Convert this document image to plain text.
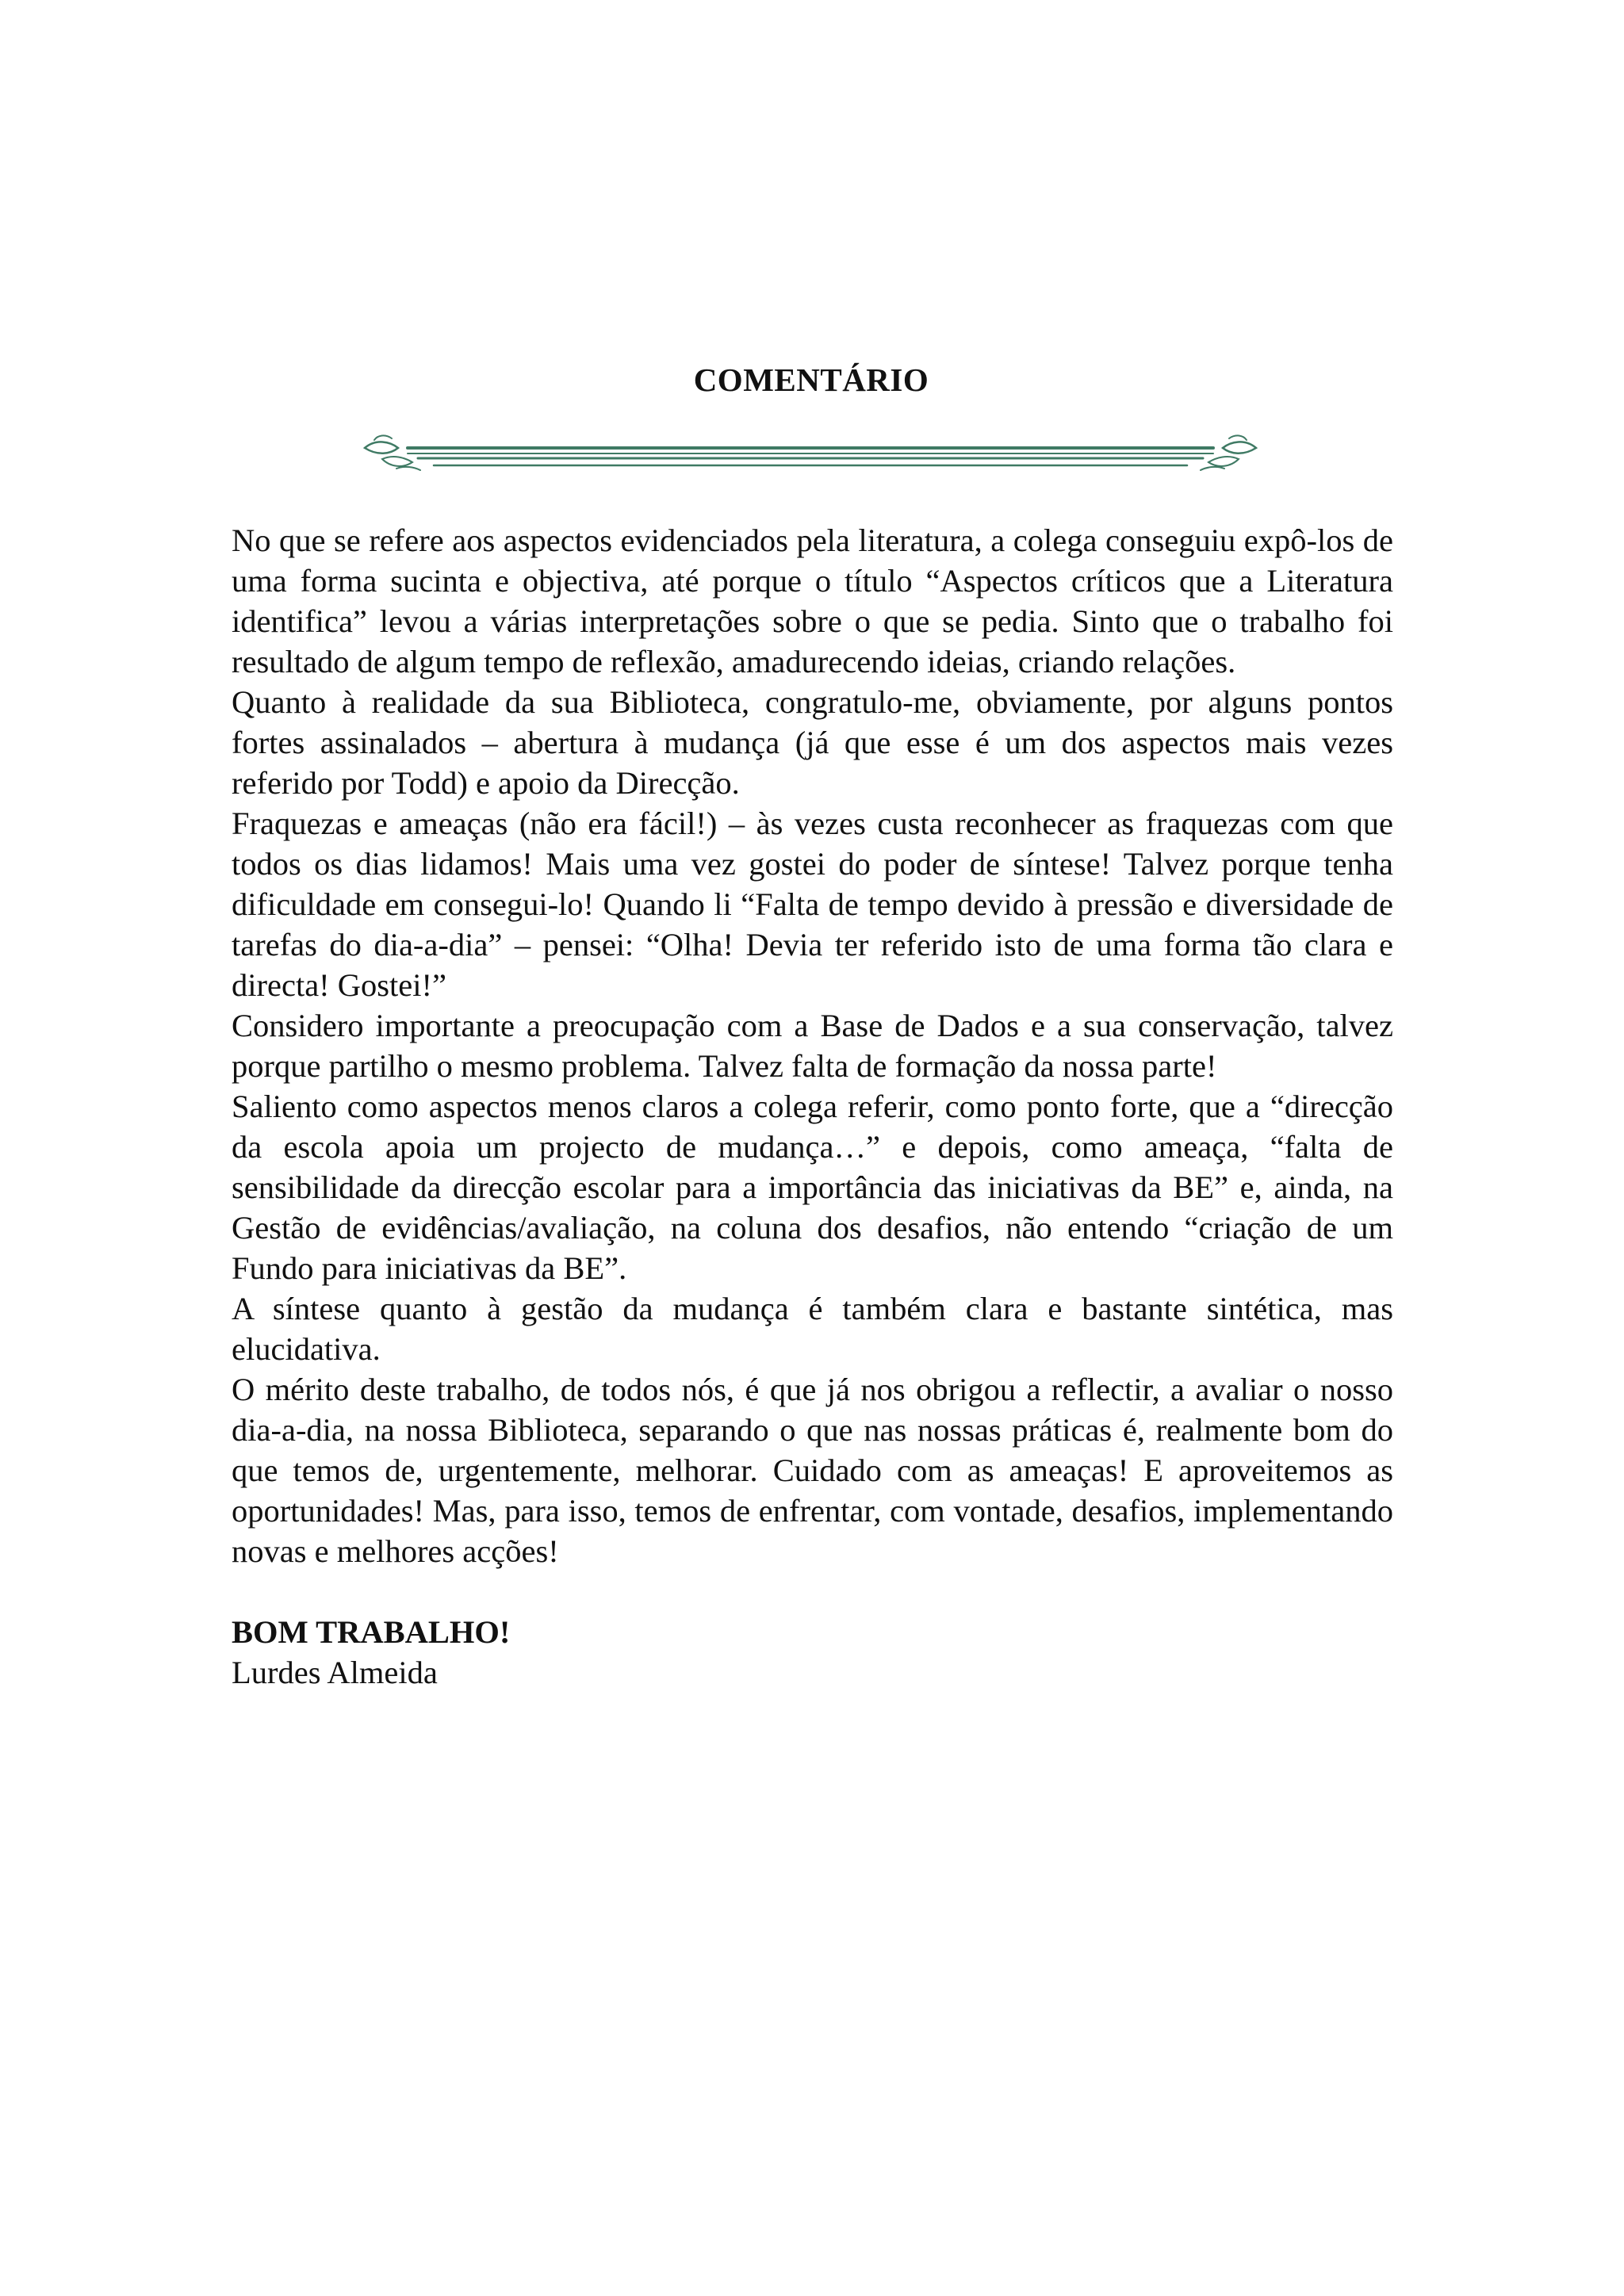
COMENTÁRIO

No que se refere aos aspectos evidenciados pela literatura, a colega conseguiu expô-los de uma forma sucinta e objectiva, até porque o título “Aspectos críticos que a Literatura identifica” levou a várias interpretações sobre o que se pedia. Sinto que o trabalho foi resultado de algum tempo de reflexão, amadurecendo ideias, criando relações.

Quanto à realidade da sua Biblioteca, congratulo-me, obviamente, por alguns pontos fortes assinalados – abertura à mudança (já que esse é um dos aspectos mais vezes referido por Todd) e apoio da Direcção.

Fraquezas e ameaças (não era fácil!) – às vezes custa reconhecer as fraquezas com que todos os dias lidamos! Mais uma vez gostei do poder de síntese! Talvez porque tenha dificuldade em consegui-lo! Quando li “Falta de tempo devido à pressão e diversidade de tarefas do dia-a-dia” – pensei: “Olha! Devia ter referido isto de uma forma tão clara e directa! Gostei!”

Considero importante a preocupação com a Base de Dados e a sua conservação, talvez porque partilho o mesmo problema. Talvez falta de formação da nossa parte!

Saliento como aspectos menos claros a colega referir, como ponto forte, que a “direcção da escola apoia um projecto de mudança…” e depois, como ameaça, “falta de sensibilidade da direcção escolar para a importância das iniciativas da BE” e, ainda, na Gestão de evidências/avaliação, na coluna dos desafios, não entendo “criação de um Fundo para iniciativas da BE”.

A síntese quanto à gestão da mudança é também clara e bastante sintética, mas elucidativa.

O mérito deste trabalho, de todos nós, é que já nos obrigou a reflectir, a avaliar o nosso dia-a-dia, na nossa Biblioteca, separando o que nas nossas práticas é, realmente bom do que temos de, urgentemente, melhorar. Cuidado com as ameaças! E aproveitemos as oportunidades! Mas, para isso, temos de enfrentar, com vontade, desafios, implementando novas e melhores acções!

BOM TRABALHO!

Lurdes Almeida
